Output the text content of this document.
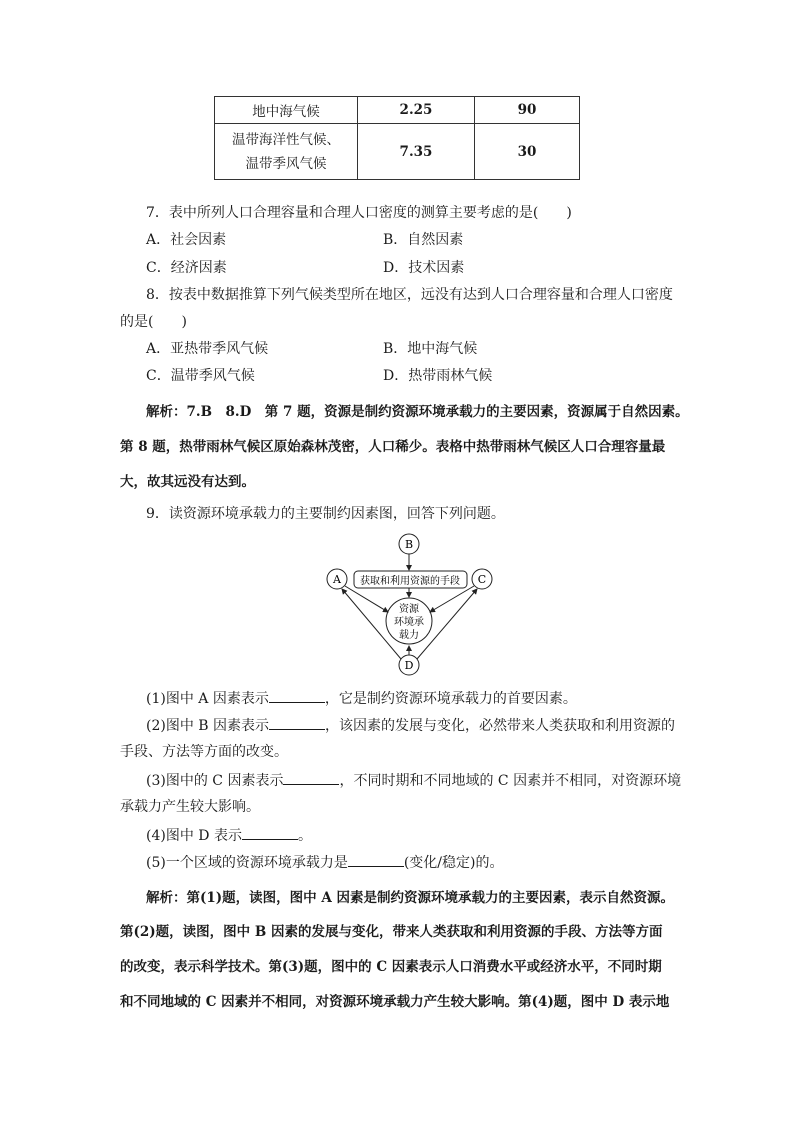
地中海气候	2.25	90
温带海洋性气候、
温带季风气候	7.35	30
7．表中所列人口合理容量和合理人口密度的测算主要考虑的是(　　)
A．社会因素	B．自然因素
C．经济因素	D．技术因素
8．按表中数据推算下列气候类型所在地区，远没有达到人口合理容量和合理人口密度
的是(　　)
A．亚热带季风气候	B．地中海气候
C．温带季风气候	D．热带雨林气候
解析：7.B　8.D　第 7 题，资源是制约资源环境承载力的主要因素，资源属于自然因素。
第 8 题，热带雨林气候区原始森林茂密，人口稀少。表格中热带雨林气候区人口合理容量最
大，故其远没有达到。
9．读资源环境承载力的主要制约因素图，回答下列问题。
B
获取和利用资源的手段
A	C
资源
环境承
载力
D
(1)图中 A 因素表示	，它是制约资源环境承载力的首要因素。
(2)图中 B 因素表示	，该因素的发展与变化，必然带来人类获取和利用资源的
手段、方法等方面的改变。
(3)图中的 C 因素表示	，不同时期和不同地域的 C 因素并不相同，对资源环境
承载力产生较大影响。
(4)图中 D 表示	。
(5)一个区域的资源环境承载力是	(变化/稳定)的。
解析：第(1)题，读图，图中 A 因素是制约资源环境承载力的主要因素，表示自然资源。
第(2)题，读图，图中 B 因素的发展与变化，带来人类获取和利用资源的手段、方法等方面
的改变，表示科学技术。第(3)题，图中的 C 因素表示人口消费水平或经济水平，不同时期
和不同地域的 C 因素并不相同，对资源环境承载力产生较大影响。第(4)题，图中 D 表示地
